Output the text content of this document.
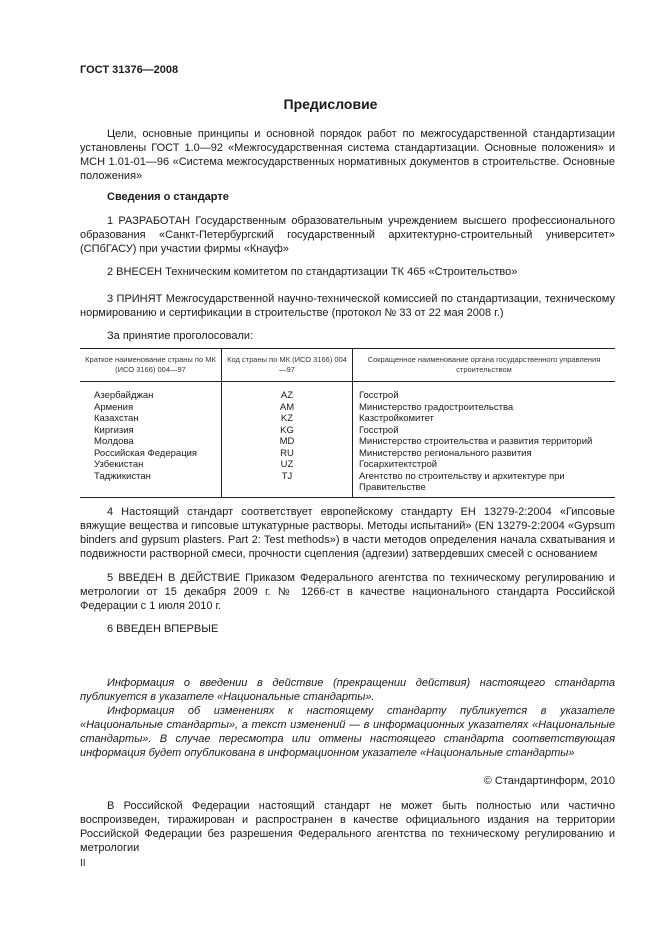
ГОСТ 31376—2008
Предисловие
Цели, основные принципы и основной порядок работ по межгосударственной стандартизации установлены ГОСТ 1.0—92 «Межгосударственная система стандартизации. Основные положения» и МСН 1.01-01—96 «Система межгосударственных нормативных документов в строительстве. Основные положения»
Сведения о стандарте
1 РАЗРАБОТАН Государственным образовательным учреждением высшего профессионального образования «Санкт-Петербургский государственный архитектурно-строительный университет» (СПбГАСУ) при участии фирмы «Кнауф»
2 ВНЕСЕН Техническим комитетом по стандартизации ТК 465 «Строительство»
3 ПРИНЯТ Межгосударственной научно-технической комиссией по стандартизации, техническому нормированию и сертификации в строительстве (протокол № 33 от 22 мая 2008 г.)
За принятие проголосовали:
Краткое наименование страны по МК (ИСО 3166) 004—97	Код страны по МК (ИСО 3166) 004—97	Сокращенное наименование органа государственного управления строительством
Азербайджан	AZ	Госстрой
Армения	AM	Министерство градостроительства
Казахстан	KZ	Казстройкомитет
Киргизия	KG	Госстрой
Молдова	MD	Министерство строительства и развития территорий
Российская Федерация	RU	Министерство регионального развития
Узбекистан	UZ	Госархитектстрой
Таджикистан	TJ	Агентство по строительству и архитектуре при Правительстве
4 Настоящий стандарт соответствует европейскому стандарту ЕН 13279-2:2004 «Гипсовые вяжущие вещества и гипсовые штукатурные растворы. Методы испытаний» (EN 13279-2:2004 «Gypsum binders and gypsum plasters. Part 2: Test methods») в части методов определения начала схватывания и подвижности растворной смеси, прочности сцепления (адгезии) затвердевших смесей с основанием
5 ВВЕДЕН В ДЕЙСТВИЕ Приказом Федерального агентства по техническому регулированию и метрологии от 15 декабря 2009 г. № 1266-ст в качестве национального стандарта Российской Федерации с 1 июля 2010 г.
6 ВВЕДЕН ВПЕРВЫЕ
Информация о введении в действие (прекращении действия) настоящего стандарта публикуется в указателе «Национальные стандарты».
Информация об изменениях к настоящему стандарту публикуется в указателе «Национальные стандарты», а текст изменений — в информационных указателях «Национальные стандарты». В случае пересмотра или отмены настоящего стандарта соответствующая информация будет опубликована в информационном указателе «Национальные стандарты»
© Стандартинформ, 2010
В Российской Федерации настоящий стандарт не может быть полностью или частично воспроизведен, тиражирован и распространен в качестве официального издания на территории Российской Федерации без разрешения Федерального агентства по техническому регулированию и метрологии
II
